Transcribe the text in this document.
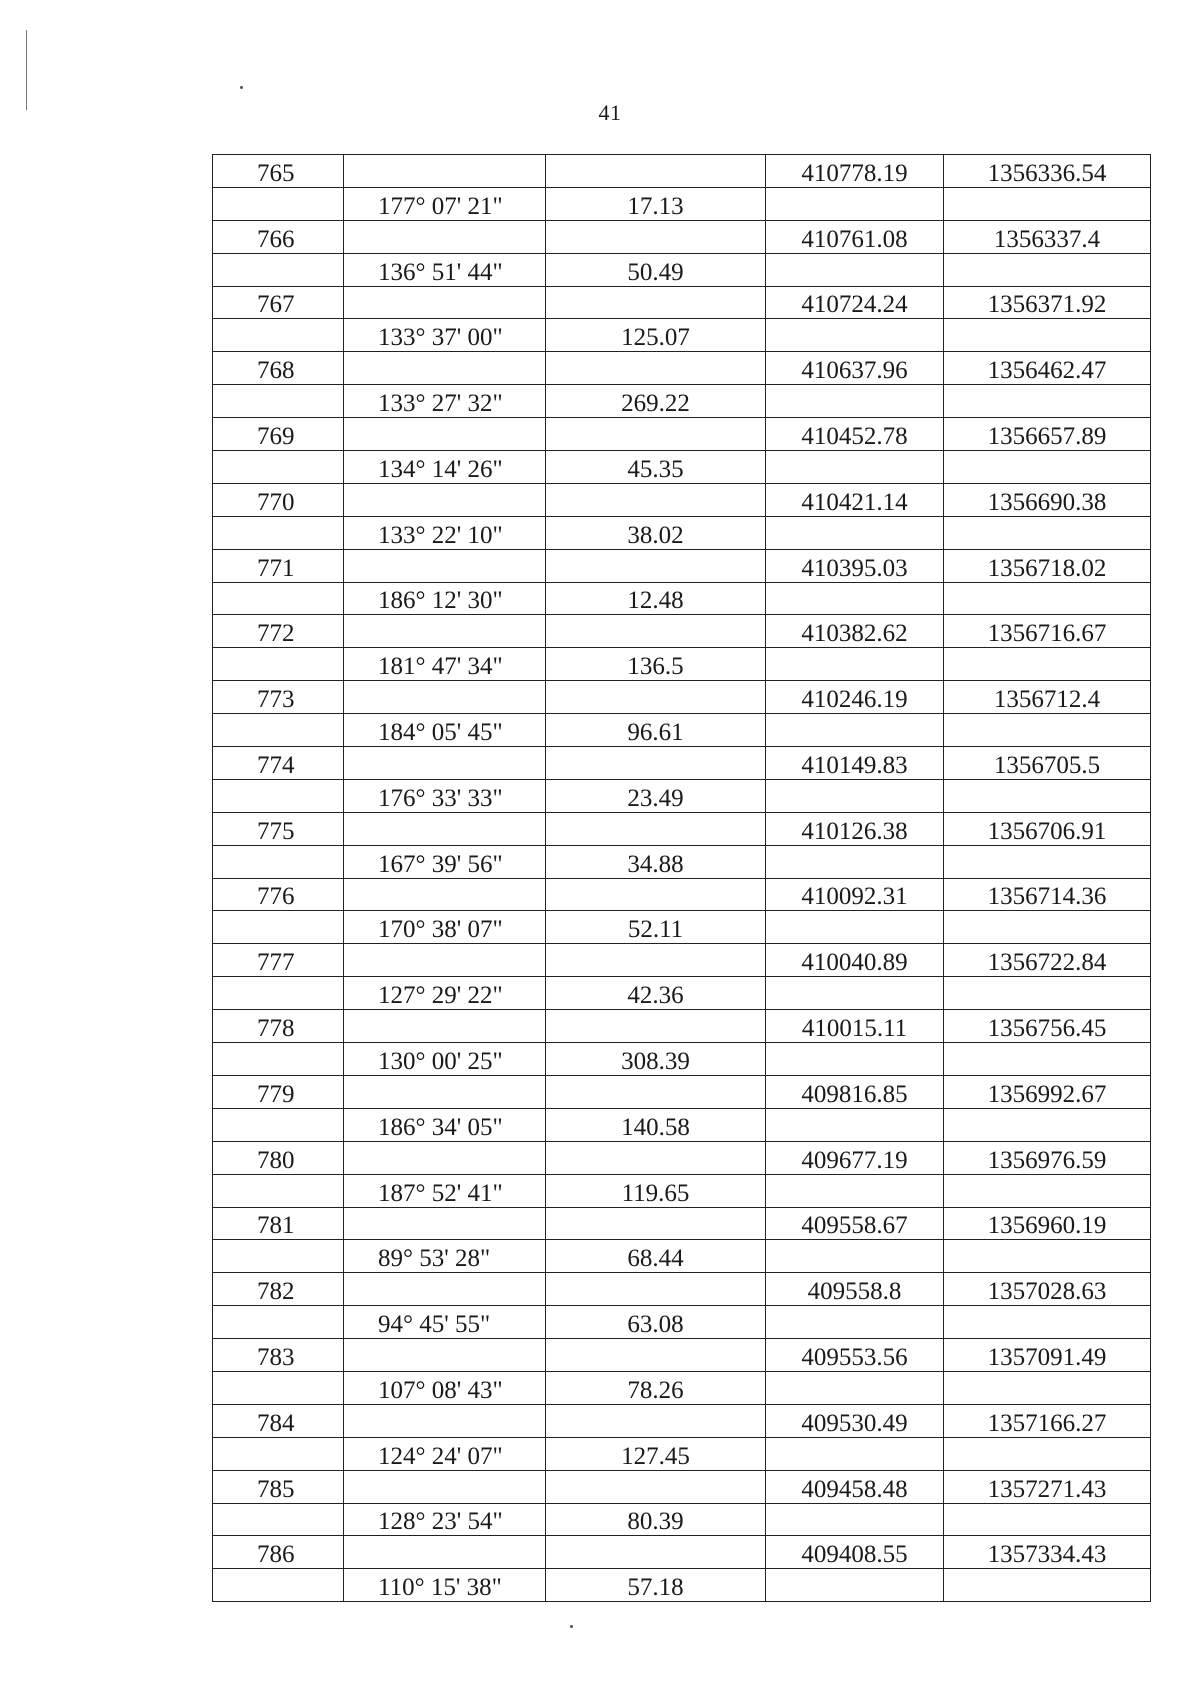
41
765			410778.19	1356336.54
	177° 07' 21"	17.13		
766			410761.08	1356337.4
	136° 51' 44"	50.49		
767			410724.24	1356371.92
	133° 37' 00"	125.07		
768			410637.96	1356462.47
	133° 27' 32"	269.22		
769			410452.78	1356657.89
	134° 14' 26"	45.35		
770			410421.14	1356690.38
	133° 22' 10"	38.02		
771			410395.03	1356718.02
	186° 12' 30"	12.48		
772			410382.62	1356716.67
	181° 47' 34"	136.5		
773			410246.19	1356712.4
	184° 05' 45"	96.61		
774			410149.83	1356705.5
	176° 33' 33"	23.49		
775			410126.38	1356706.91
	167° 39' 56"	34.88		
776			410092.31	1356714.36
	170° 38' 07"	52.11		
777			410040.89	1356722.84
	127° 29' 22"	42.36		
778			410015.11	1356756.45
	130° 00' 25"	308.39		
779			409816.85	1356992.67
	186° 34' 05"	140.58		
780			409677.19	1356976.59
	187° 52' 41"	119.65		
781			409558.67	1356960.19
	89° 53' 28"	68.44		
782			409558.8	1357028.63
	94° 45' 55"	63.08		
783			409553.56	1357091.49
	107° 08' 43"	78.26		
784			409530.49	1357166.27
	124° 24' 07"	127.45		
785			409458.48	1357271.43
	128° 23' 54"	80.39		
786			409408.55	1357334.43
	110° 15' 38"	57.18		
